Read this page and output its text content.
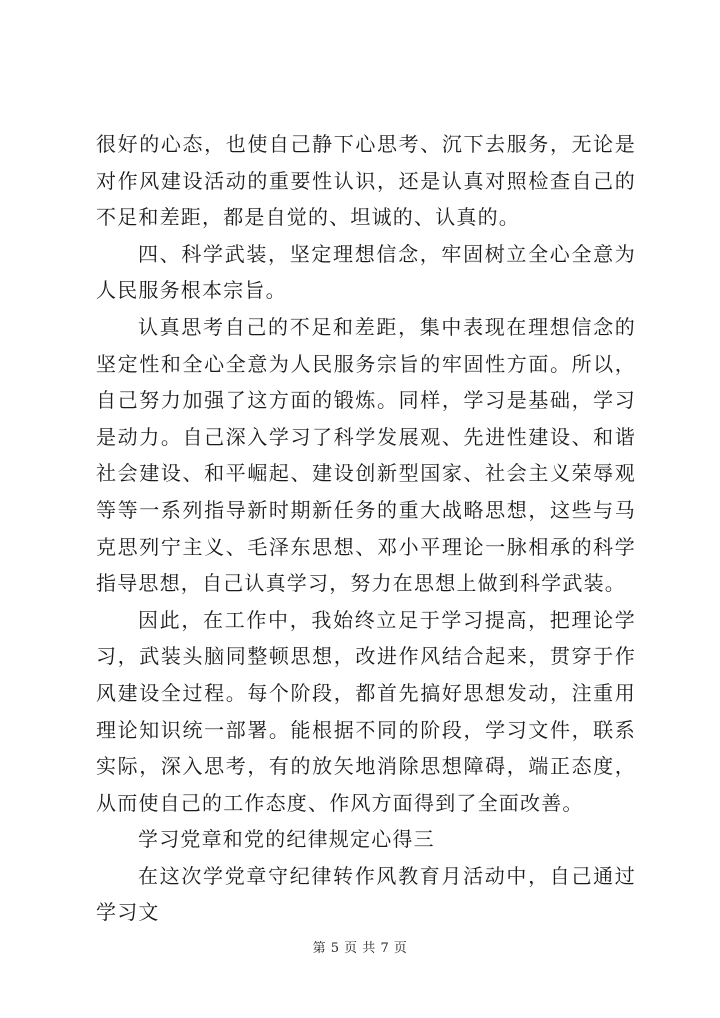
很好的心态，也使自己静下心思考、沉下去服务，无论是对作风建设活动的重要性认识，还是认真对照检查自己的不足和差距，都是自觉的、坦诚的、认真的。

四、科学武装，坚定理想信念，牢固树立全心全意为人民服务根本宗旨。

认真思考自己的不足和差距，集中表现在理想信念的坚定性和全心全意为人民服务宗旨的牢固性方面。所以，自己努力加强了这方面的锻炼。同样，学习是基础，学习是动力。自己深入学习了科学发展观、先进性建设、和谐社会建设、和平崛起、建设创新型国家、社会主义荣辱观等等一系列指导新时期新任务的重大战略思想，这些与马克思列宁主义、毛泽东思想、邓小平理论一脉相承的科学指导思想，自己认真学习，努力在思想上做到科学武装。

因此，在工作中，我始终立足于学习提高，把理论学习，武装头脑同整顿思想，改进作风结合起来，贯穿于作风建设全过程。每个阶段，都首先搞好思想发动，注重用理论知识统一部署。能根据不同的阶段，学习文件，联系实际，深入思考，有的放矢地消除思想障碍，端正态度，从而使自己的工作态度、作风方面得到了全面改善。

学习党章和党的纪律规定心得三

在这次学党章守纪律转作风教育月活动中，自己通过学习文

第 5 页 共 7 页
